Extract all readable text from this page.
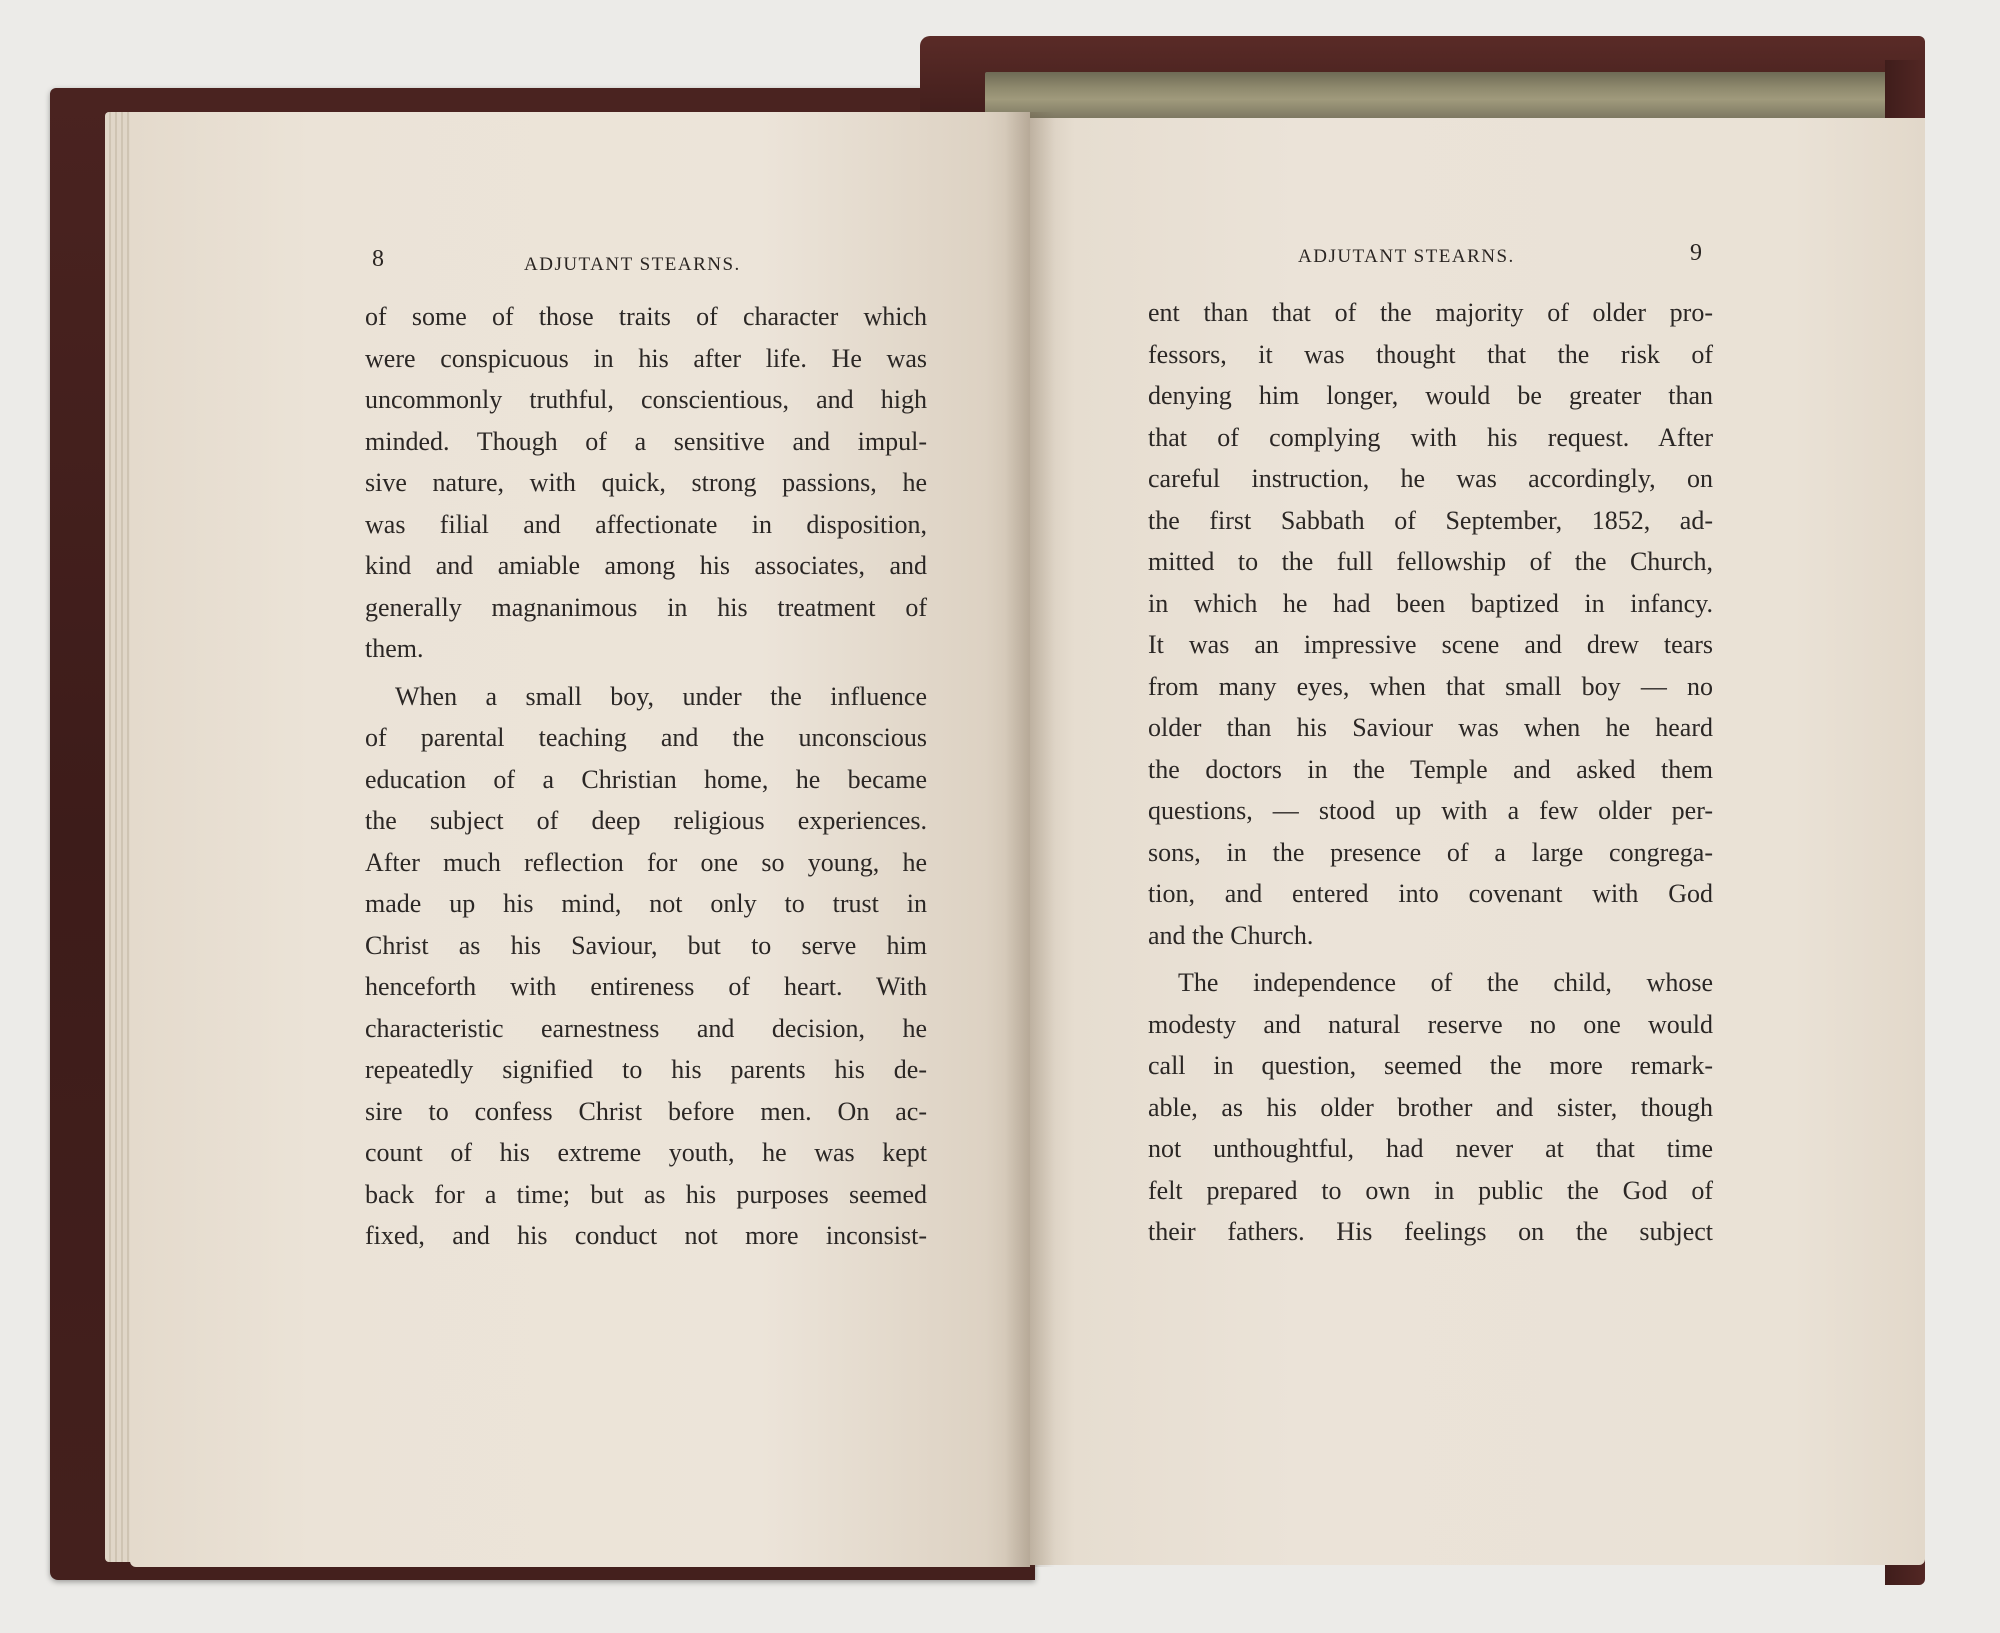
8	ADJUTANT STEARNS.	ADJUTANT STEARNS.	9
of some of those traits of character which
were conspicuous in his after life. He was
uncommonly truthful, conscientious, and high
minded. Though of a sensitive and impul-
sive nature, with quick, strong passions, he
was filial and affectionate in disposition,
kind and amiable among his associates, and
generally magnanimous in his treatment of
them.
When a small boy, under the influence
of parental teaching and the unconscious
education of a Christian home, he became
the subject of deep religious experiences.
After much reflection for one so young, he
made up his mind, not only to trust in
Christ as his Saviour, but to serve him
henceforth with entireness of heart. With
characteristic earnestness and decision, he
repeatedly signified to his parents his de-
sire to confess Christ before men. On ac-
count of his extreme youth, he was kept
back for a time; but as his purposes seemed
fixed, and his conduct not more inconsist-
ent than that of the majority of older pro-
fessors, it was thought that the risk of
denying him longer, would be greater than
that of complying with his request. After
careful instruction, he was accordingly, on
the first Sabbath of September, 1852, ad-
mitted to the full fellowship of the Church,
in which he had been baptized in infancy.
It was an impressive scene and drew tears
from many eyes, when that small boy — no
older than his Saviour was when he heard
the doctors in the Temple and asked them
questions, — stood up with a few older per-
sons, in the presence of a large congrega-
tion, and entered into covenant with God
and the Church.
The independence of the child, whose
modesty and natural reserve no one would
call in question, seemed the more remark-
able, as his older brother and sister, though
not unthoughtful, had never at that time
felt prepared to own in public the God of
their fathers. His feelings on the subject
